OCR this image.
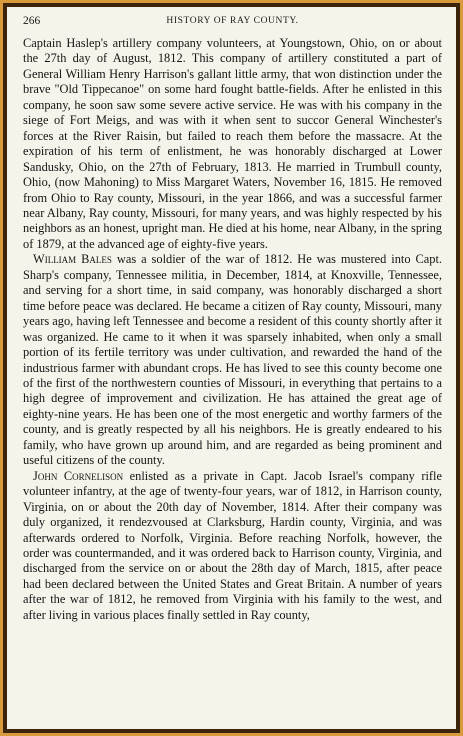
266	HISTORY OF RAY COUNTY.

Captain Haslep's artillery company volunteers, at Youngstown, Ohio, on or about the 27th day of August, 1812. This company of artillery constituted a part of General William Henry Harrison's gallant little army, that won distinction under the brave "Old Tippecanoe" on some hard fought battle-fields. After he enlisted in this company, he soon saw some severe active service. He was with his company in the siege of Fort Meigs, and was with it when sent to succor General Winchester's forces at the River Raisin, but failed to reach them before the massacre. At the expiration of his term of enlistment, he was honorably discharged at Lower Sandusky, Ohio, on the 27th of February, 1813. He married in Trumbull county, Ohio, (now Mahoning) to Miss Margaret Waters, November 16, 1815. He removed from Ohio to Ray county, Missouri, in the year 1866, and was a successful farmer near Albany, Ray county, Missouri, for many years, and was highly respected by his neighbors as an honest, upright man. He died at his home, near Albany, in the spring of 1879, at the advanced age of eighty-five years.

William Bales was a soldier of the war of 1812. He was mustered into Capt. Sharp's company, Tennessee militia, in December, 1814, at Knoxville, Tennessee, and serving for a short time, in said company, was honorably discharged a short time before peace was declared. He became a citizen of Ray county, Missouri, many years ago, having left Tennessee and become a resident of this county shortly after it was organized. He came to it when it was sparsely inhabited, when only a small portion of its fertile territory was under cultivation, and rewarded the hand of the industrious farmer with abundant crops. He has lived to see this county become one of the first of the northwestern counties of Missouri, in everything that pertains to a high degree of improvement and civilization. He has attained the great age of eighty-nine years. He has been one of the most energetic and worthy farmers of the county, and is greatly respected by all his neighbors. He is greatly endeared to his family, who have grown up around him, and are regarded as being prominent and useful citizens of the county.

John Cornelison enlisted as a private in Capt. Jacob Israel's company rifle volunteer infantry, at the age of twenty-four years, war of 1812, in Harrison county, Virginia, on or about the 20th day of November, 1814. After their company was duly organized, it rendezvoused at Clarksburg, Hardin county, Virginia, and was afterwards ordered to Norfolk, Virginia. Before reaching Norfolk, however, the order was countermanded, and it was ordered back to Harrison county, Virginia, and discharged from the service on or about the 28th day of March, 1815, after peace had been declared between the United States and Great Britain. A number of years after the war of 1812, he removed from Virginia with his family to the west, and after living in various places finally settled in Ray county,
